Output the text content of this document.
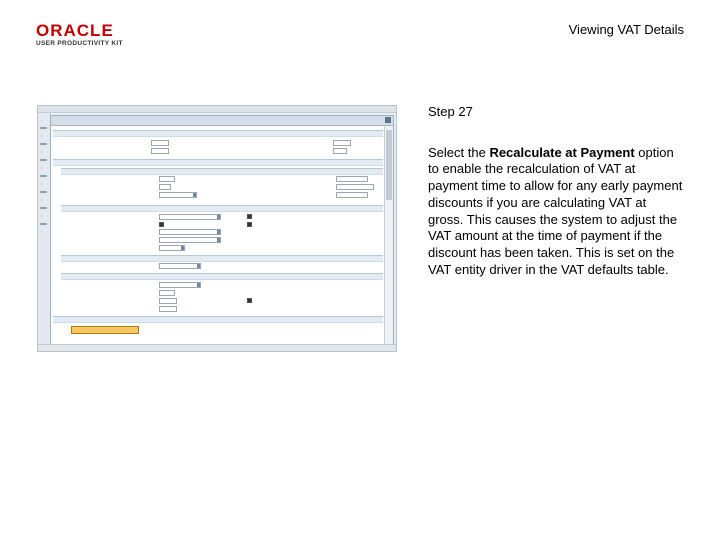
ORACLE
USER PRODUCTIVITY KIT
Viewing VAT Details

Step 27

Select the Recalculate at Payment option to enable the recalculation of VAT at payment time to allow for any early payment discounts if you are calculating VAT at gross. This causes the system to adjust the VAT amount at the time of payment if the discount has been taken. This is set on the VAT entity driver in the VAT defaults table.
